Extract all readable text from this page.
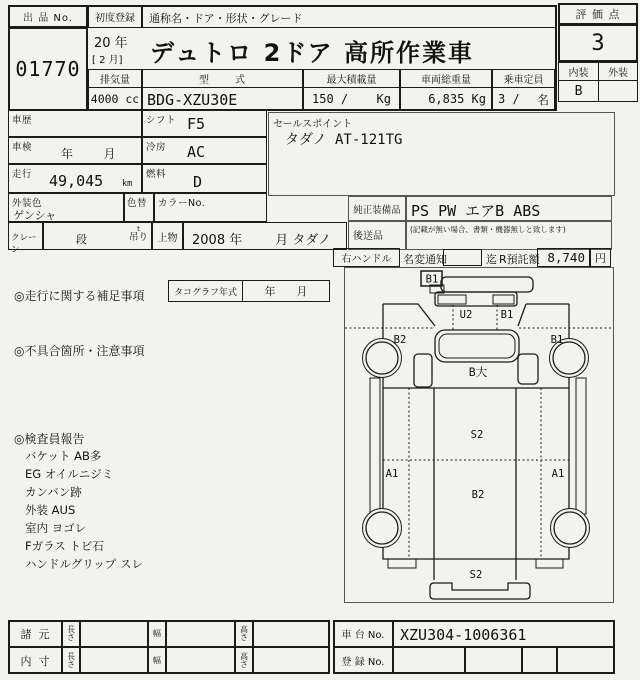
出 品 No.
01770
初度登録
20 年
[ 2 月]
通称名・ドア・形状・グレード
デュトロ 2ドア 高所作業車
排気量
4000 cc
型      式
BDG-XZU30E
最大積載量
150 / Kg
車両総重量
6,835 Kg
乗車定員
3 / 名
評 価 点
3
内装	外装
B
車歴	シフト F5
車検 年        月	冷房 AC
走行 49,045 km
燃料 D
外装色
ゲンシャ
色替 カラーNo.
クレーン
段
t
吊り 上物	2008 年        月 タダノ
セールスポイント
タダノ AT-121TG
純正装備品 PS PW エアB ABS
後送品
(記載が無い場合、書類・機器無しと致します)
右ハンドル	名変通知	迄 R預託額 8,740 円
◎走行に関する補足事項	タコグラフ年式	年      月
◎不具合箇所・注意事項
◎検査員報告
バケット AB多
EG オイルニジミ
カンバン跡
外装 AUS
室内 ヨゴレ
Fガラス トビ石
ハンドルグリップ スレ
B1
U2	B1
B2	B1
B大
S2
A1	A1
B2
S2
諸  元	長さ	幅	高さ
内  寸	長さ	幅	高さ
車 台 No.	XZU304-1006361
登 録 No.
